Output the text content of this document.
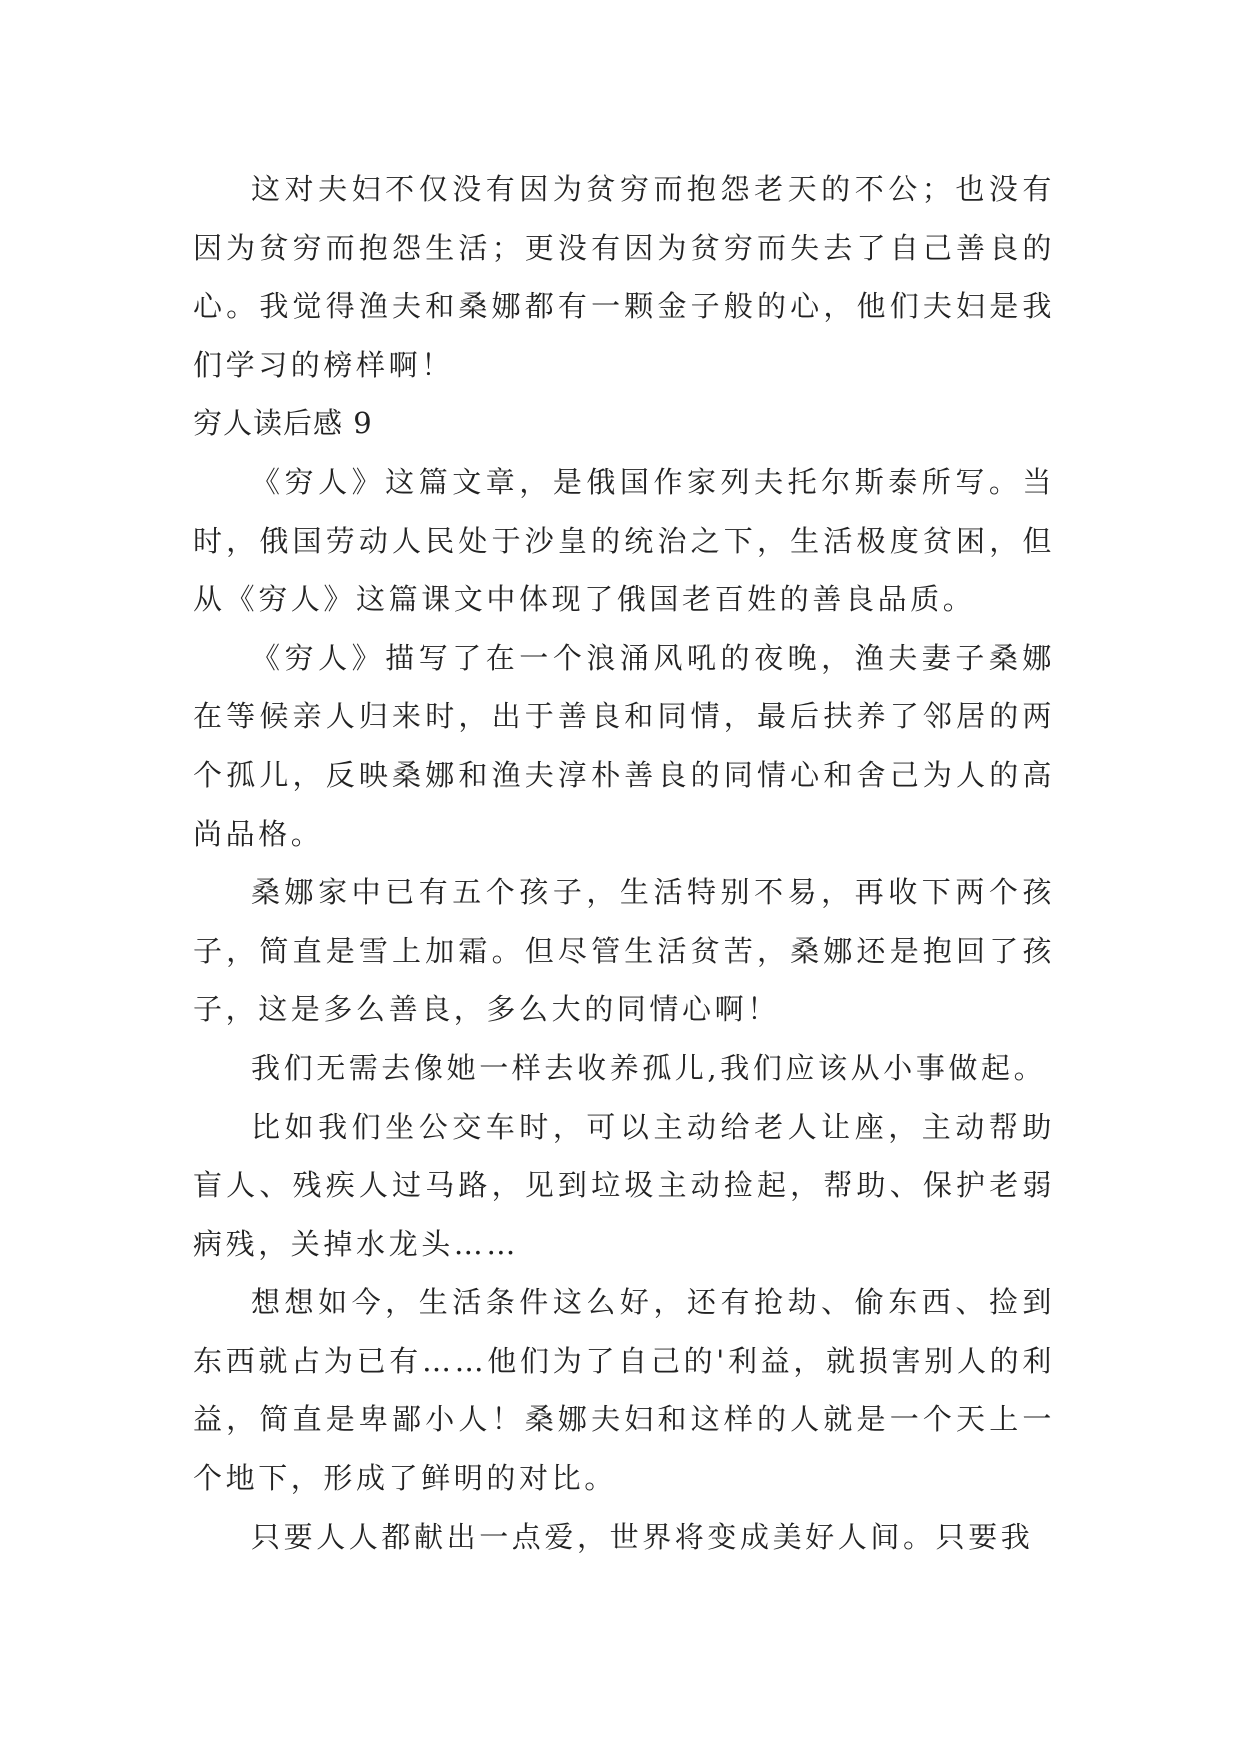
这对夫妇不仅没有因为贫穷而抱怨老天的不公；也没有因为贫穷而抱怨生活；更没有因为贫穷而失去了自己善良的心。我觉得渔夫和桑娜都有一颗金子般的心，他们夫妇是我们学习的榜样啊！

穷人读后感 9

《穷人》这篇文章，是俄国作家列夫托尔斯泰所写。当时，俄国劳动人民处于沙皇的统治之下，生活极度贫困，但从《穷人》这篇课文中体现了俄国老百姓的善良品质。

《穷人》描写了在一个浪涌风吼的夜晚，渔夫妻子桑娜在等候亲人归来时，出于善良和同情，最后扶养了邻居的两个孤儿，反映桑娜和渔夫淳朴善良的同情心和舍己为人的高尚品格。

桑娜家中已有五个孩子，生活特别不易，再收下两个孩子，简直是雪上加霜。但尽管生活贫苦，桑娜还是抱回了孩子，这是多么善良，多么大的同情心啊！

我们无需去像她一样去收养孤儿,我们应该从小事做起。

比如我们坐公交车时，可以主动给老人让座，主动帮助盲人、残疾人过马路，见到垃圾主动捡起，帮助、保护老弱病残，关掉水龙头……

想想如今，生活条件这么好，还有抢劫、偷东西、捡到东西就占为已有……他们为了自己的'利益，就损害别人的利益，简直是卑鄙小人！桑娜夫妇和这样的人就是一个天上一个地下，形成了鲜明的对比。

只要人人都献出一点爱，世界将变成美好人间。只要我
